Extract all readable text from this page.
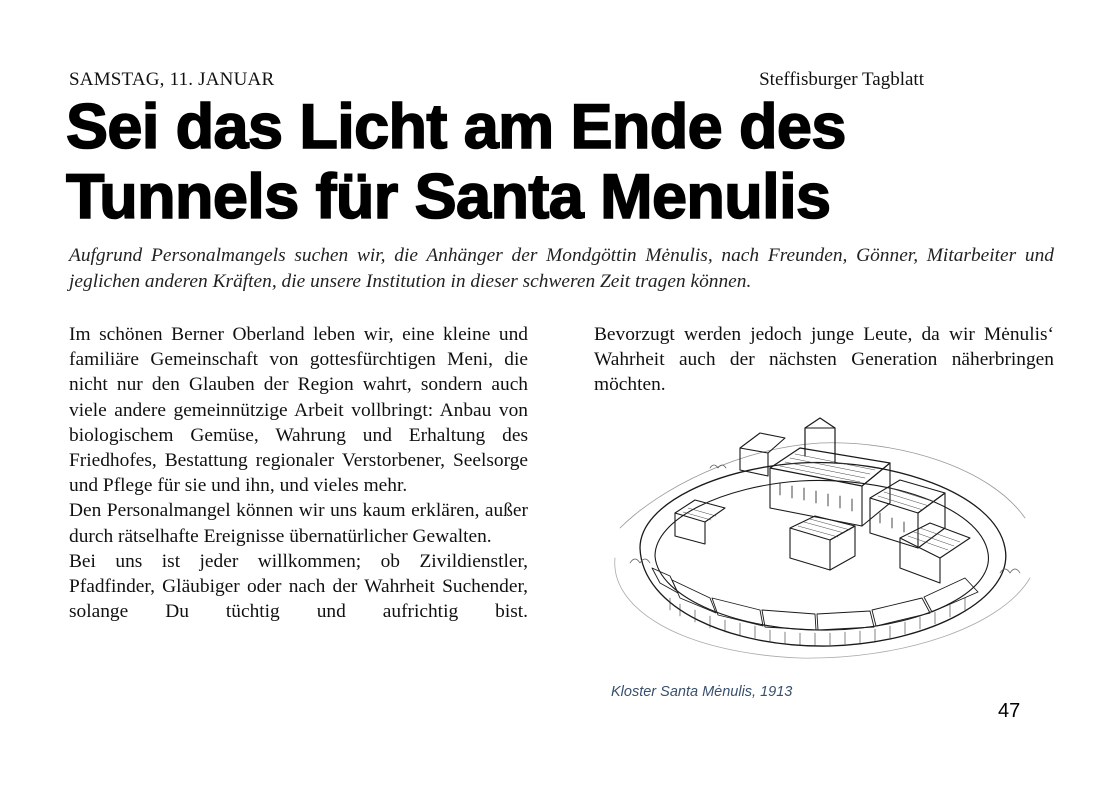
SAMSTAG, 11. JANUAR	Steffisburger Tagblatt
Sei das Licht am Ende des
Tunnels für Santa Menulis

Aufgrund Personalmangels suchen wir, die Anhänger der Mondgöttin Mėnulis, nach Freunden, Gönner, Mitarbeiter und jeglichen anderen Kräften, die unsere Institution in dieser schweren Zeit tragen können.

Im schönen Berner Oberland leben wir, eine kleine und familiäre Gemeinschaft von gottesfürchtigen Meni, die nicht nur den Glauben der Region wahrt, sondern auch viele andere gemeinnützige Arbeit vollbringt: Anbau von biologischem Gemüse, Wahrung und Erhaltung des Friedhofes, Bestattung regionaler Verstorbener, Seelsorge und Pflege für sie und ihn, und vieles mehr.

Den Personalmangel können wir uns kaum erklären, außer durch rätselhafte Ereignisse übernatürlicher Gewalten.

Bei uns ist jeder willkommen; ob Zivildienstler, Pfadfinder, Gläubiger oder nach der Wahrheit Suchender, solange Du tüchtig und aufrichtig bist.

Bevorzugt werden jedoch junge Leute, da wir Mėnulis‘ Wahrheit auch der nächsten Generation näherbringen möchten.

Kloster Santa Mėnulis, 1913
47
